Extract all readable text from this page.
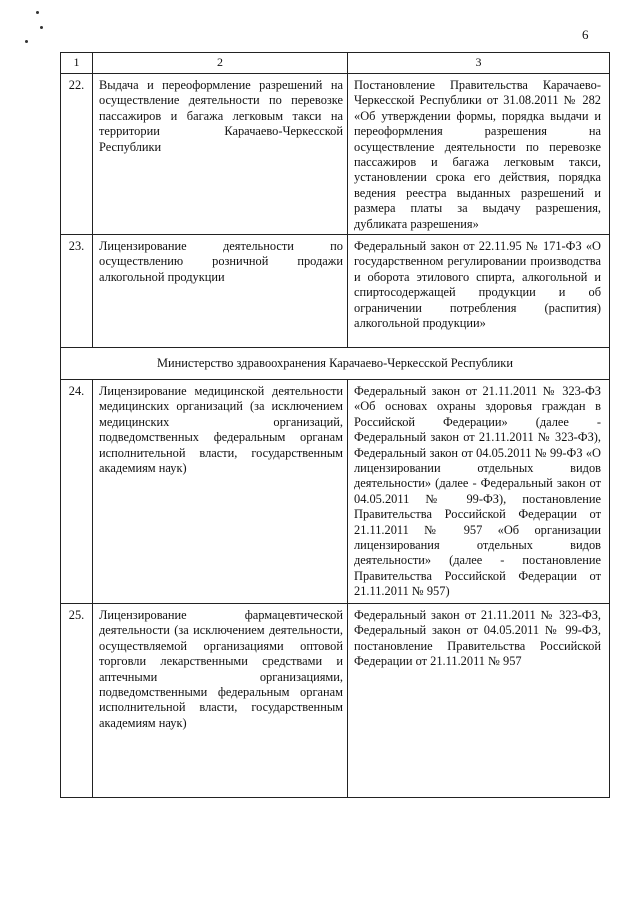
6
1	2	3
22.	Выдача и переоформление разрешений на осуществление деятельности по перевозке пассажиров и багажа легковым такси на территории Карачаево-Черкесской Республики	Постановление Правительства Карачаево-Черкесской Республики от 31.08.2011 № 282 «Об утверждении формы, порядка выдачи и переоформления разрешения на осуществление деятельности по перевозке пассажиров и багажа легковым такси, установлении срока его действия, порядка ведения реестра выданных разрешений и размера платы за выдачу разрешения, дубликата разрешения»
23.	Лицензирование деятельности по осуществлению розничной продажи алкогольной продукции	Федеральный закон от 22.11.95 № 171-ФЗ «О государственном регулировании производства и оборота этилового спирта, алкогольной и спиртосодержащей продукции и об ограничении потребления (распития) алкогольной продукции»
Министерство здравоохранения Карачаево-Черкесской Республики		
24.	Лицензирование медицинской деятельности медицинских организаций (за исключением медицинских организаций, подведомственных федеральным органам исполнительной власти, государственным академиям наук)	Федеральный закон от 21.11.2011 № 323-ФЗ «Об основах охраны здоровья граждан в Российской Федерации» (далее - Федеральный закон от 21.11.2011 № 323-ФЗ), Федеральный закон от 04.05.2011 № 99-ФЗ «О лицензировании отдельных видов деятельности» (далее - Федеральный закон от 04.05.2011 № 99-ФЗ), постановление Правительства Российской Федерации от 21.11.2011 № 957 «Об организации лицензирования отдельных видов деятельности» (далее - постановление Правительства Российской Федерации от 21.11.2011 № 957)
25.	Лицензирование фармацевтической деятельности (за исключением деятельности, осуществляемой организациями оптовой торговли лекарственными средствами и аптечными организациями, подведомственными федеральным органам исполнительной власти, государственным академиям наук)	Федеральный закон от 21.11.2011 № 323-ФЗ, Федеральный закон от 04.05.2011 № 99-ФЗ, постановление Правительства Российской Федерации от 21.11.2011 № 957
